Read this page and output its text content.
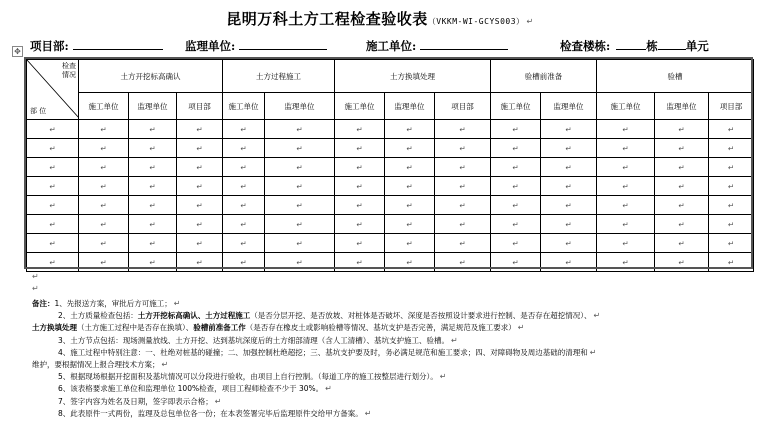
昆明万科土方工程检查验收表（VKKM-WI-GCYS003） ↵
✥ 项目部:	监理单位:	施工单位:	检查楼栋:	栋 单元
检查
情况
部 位	土方开挖标高确认			土方过程施工		土方换填处理			验槽前准备		验槽		
	施工单位	监理单位	项目部	施工单位	监理单位	施工单位	监理单位	项目部	施工单位	监理单位	施工单位	监理单位	项目部
↵	↵	↵	↵	↵	↵	↵	↵	↵	↵	↵	↵	↵	↵
↵	↵	↵	↵	↵	↵	↵	↵	↵	↵	↵	↵	↵	↵
↵	↵	↵	↵	↵	↵	↵	↵	↵	↵	↵	↵	↵	↵
↵	↵	↵	↵	↵	↵	↵	↵	↵	↵	↵	↵	↵	↵
↵	↵	↵	↵	↵	↵	↵	↵	↵	↵	↵	↵	↵	↵
↵	↵	↵	↵	↵	↵	↵	↵	↵	↵	↵	↵	↵	↵
↵	↵	↵	↵	↵	↵	↵	↵	↵	↵	↵	↵	↵	↵
↵	↵	↵	↵	↵	↵	↵	↵	↵	↵	↵	↵	↵	↵
↵
↵

备注：1、先报送方案，审批后方可施工； ↵

2、土方质量检查包括：土方开挖标高确认、土方过程施工（是否分层开挖、是否放坡、对桩体是否破坏、深度是否按照设计要求进行控制、是否存在超挖情况）、 ↵

土方换填处理（土方施工过程中是否存在换填）、验槽前准备工作（是否存在橡皮土或影响验槽等情况、基坑支护是否完善，满足规范及施工要求） ↵

3、土方节点包括：现场测量放线、土方开挖、达到基坑深度后的土方细部清理（含人工清槽）、基坑支护施工、验槽。 ↵

4、施工过程中特别注意：一、杜绝对桩基的碰撞；二、加强控制杜绝超挖；三、基坑支护要及时，务必满足规范和施工要求；四、对障碍物及周边基础的清理和 ↵

维护，要根据情况上报合理技术方案； ↵

5、根据现场根据开挖面积及基坑情况可以分段进行验收，由项目上自行控制。（每道工序的施工按整层进行划分）。 ↵

6、该表格要求施工单位和监理单位 100%检查，项目工程师检查不少于 30%。 ↵

7、签字内容为姓名及日期，签字即表示合格； ↵

8、此表原件一式两份，监理及总包单位各一份；在本表签署完毕后监理原件交给甲方备案。 ↵
